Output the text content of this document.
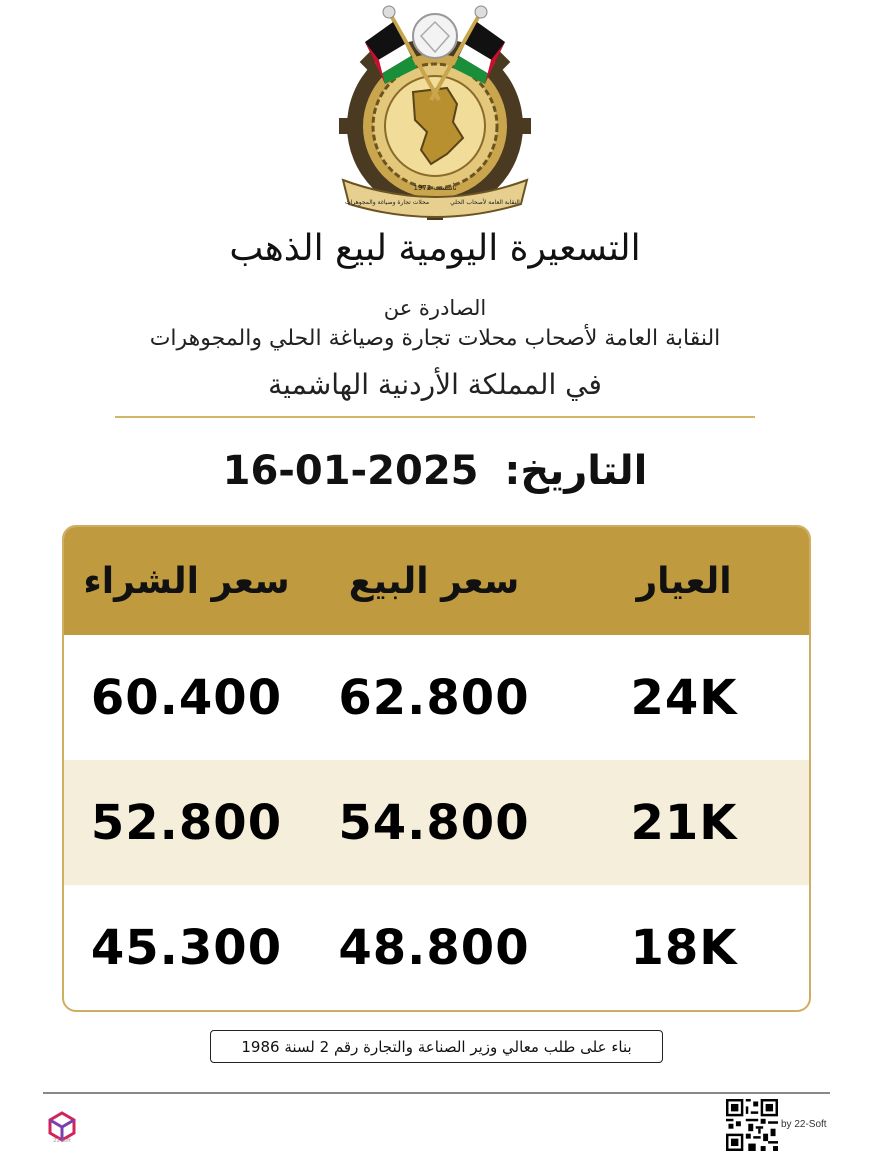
تأسست 1972
النقابة العامة لأصحاب الحلي
محلات تجارة وصياغة والمجوهرات
التسعيرة اليومية لبيع الذهب
الصادرة عن
النقابة العامة لأصحاب محلات تجارة وصياغة الحلي والمجوهرات
في المملكة الأردنية الهاشمية
التاريخ: 16-01-2025
العيار
سعر البيع
سعر الشراء
24K
62.800
60.400
21K
54.800
52.800
18K
48.800
45.300
بناء على طلب معالي وزير الصناعة والتجارة رقم 2 لسنة 1986
22-soft
by 22-Soft
